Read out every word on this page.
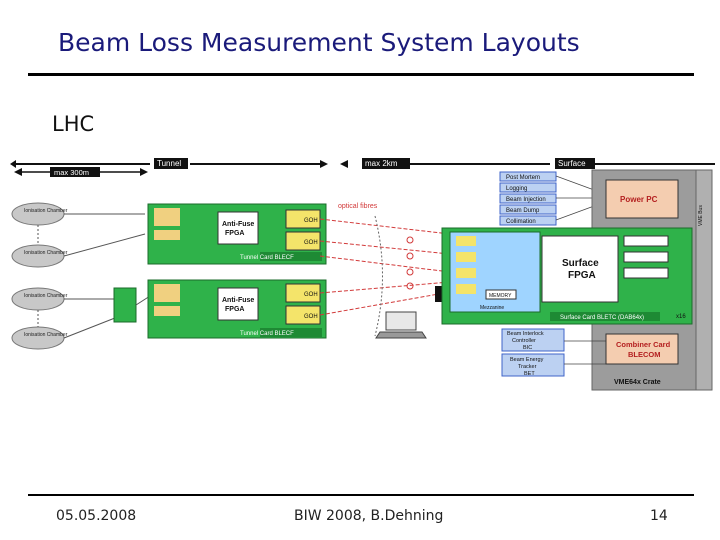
Beam Loss Measurement System Layouts
LHC
Tunnel	max 2km	Surface
max 300m
Ionisation Chamber
Ionisation Chamber
Ionisation Chamber
Ionisation Chamber
Anti-Fuse
FPGA
GOH
GOH
Tunnel Card BLECF
Anti-Fuse
FPGA
GOH
GOH
Tunnel Card BLECF
optical fibres
Post Mortem
Logging
Beam Injection
Beam Dump
Collimation
VME64x Crate
Power PC
VME Bus
MEMORY
Mezzanine
Surface
FPGA
Surface Card BLETC (DAB64x)	x16
Beam Interlock
Controller
BIC
Beam Energy
Tracker
BET
Combiner Card
BLECOM
05.05.2008	BIW 2008, B.Dehning	14
